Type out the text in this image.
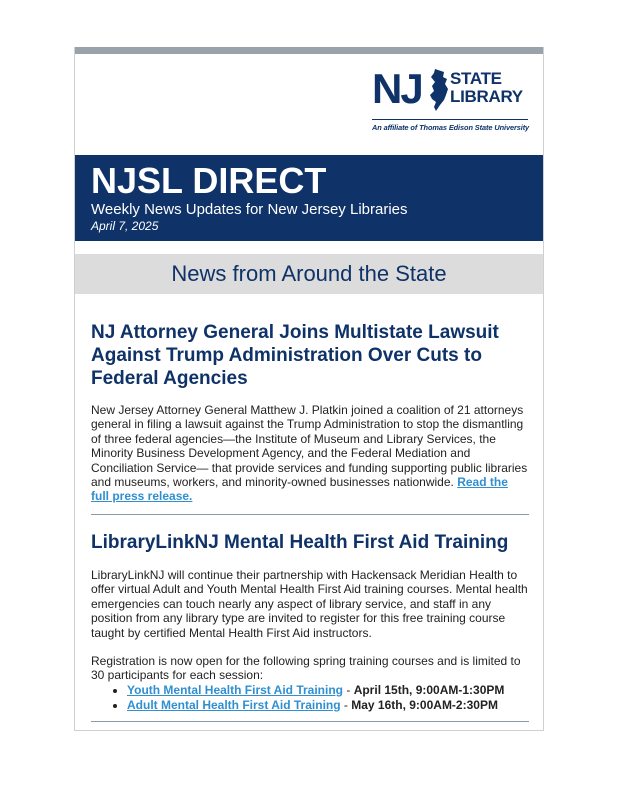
NJ STATE
LIBRARY
An affiliate of Thomas Edison State University
NJSL DIRECT
Weekly News Updates for New Jersey Libraries
April 7, 2025
News from Around the State
NJ Attorney General Joins Multistate Lawsuit Against Trump Administration Over Cuts to Federal Agencies

New Jersey Attorney General Matthew J. Platkin joined a coalition of 21 attorneys general in filing a lawsuit against the Trump Administration to stop the dismantling of three federal agencies—the Institute of Museum and Library Services, the Minority Business Development Agency, and the Federal Mediation and Conciliation Service— that provide services and funding supporting public libraries and museums, workers, and minority-owned businesses nationwide. Read the full press release.

LibraryLinkNJ Mental Health First Aid Training

LibraryLinkNJ will continue their partnership with Hackensack Meridian Health to offer virtual Adult and Youth Mental Health First Aid training courses. Mental health emergencies can touch nearly any aspect of library service, and staff in any position from any library type are invited to register for this free training course taught by certified Mental Health First Aid instructors.

Registration is now open for the following spring training courses and is limited to 30 participants for each session:

• Youth Mental Health First Aid Training - April 15th, 9:00AM-1:30PM
• Adult Mental Health First Aid Training - May 16th, 9:00AM-2:30PM
